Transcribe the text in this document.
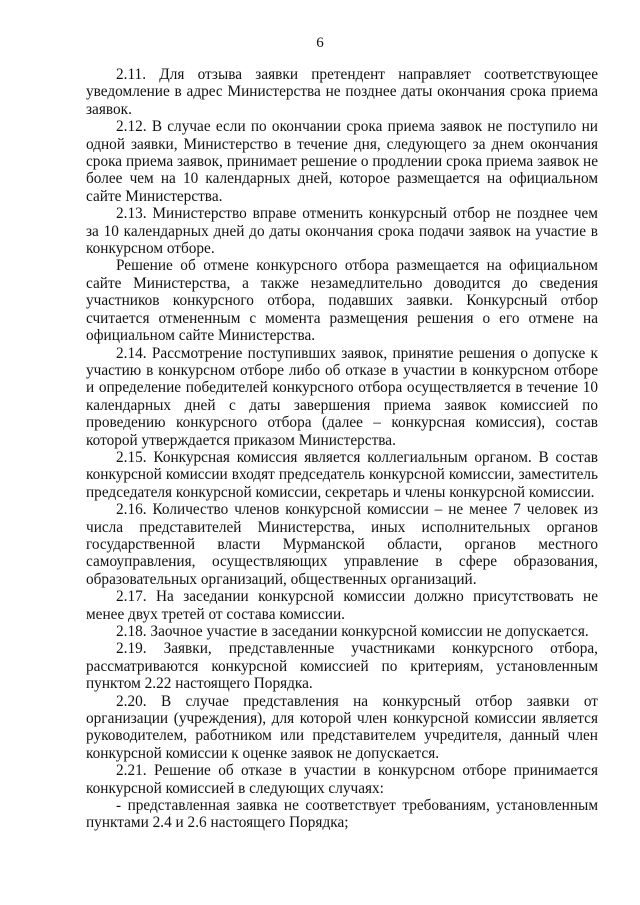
6

2.11. Для отзыва заявки претендент направляет соответствующее уведомление в адрес Министерства не позднее даты окончания срока приема заявок.

2.12. В случае если по окончании срока приема заявок не поступило ни одной заявки, Министерство в течение дня, следующего за днем окончания срока приема заявок, принимает решение о продлении срока приема заявок не более чем на 10 календарных дней, которое размещается на официальном сайте Министерства.

2.13. Министерство вправе отменить конкурсный отбор не позднее чем за 10 календарных дней до даты окончания срока подачи заявок на участие в конкурсном отборе.

Решение об отмене конкурсного отбора размещается на официальном сайте Министерства, а также незамедлительно доводится до сведения участников конкурсного отбора, подавших заявки. Конкурсный отбор считается отмененным с момента размещения решения о его отмене на официальном сайте Министерства.

2.14. Рассмотрение поступивших заявок, принятие решения о допуске к участию в конкурсном отборе либо об отказе в участии в конкурсном отборе и определение победителей конкурсного отбора осуществляется в течение 10 календарных дней с даты завершения приема заявок комиссией по проведению конкурсного отбора (далее – конкурсная комиссия), состав которой утверждается приказом Министерства.

2.15. Конкурсная комиссия является коллегиальным органом. В состав конкурсной комиссии входят председатель конкурсной комиссии, заместитель председателя конкурсной комиссии, секретарь и члены конкурсной комиссии.

2.16. Количество членов конкурсной комиссии – не менее 7 человек из числа представителей Министерства, иных исполнительных органов государственной власти Мурманской области, органов местного самоуправления, осуществляющих управление в сфере образования, образовательных организаций, общественных организаций.

2.17. На заседании конкурсной комиссии должно присутствовать не менее двух третей от состава комиссии.

2.18. Заочное участие в заседании конкурсной комиссии не допускается.

2.19. Заявки, представленные участниками конкурсного отбора, рассматриваются конкурсной комиссией по критериям, установленным пунктом 2.22 настоящего Порядка.

2.20. В случае представления на конкурсный отбор заявки от организации (учреждения), для которой член конкурсной комиссии является руководителем, работником или представителем учредителя, данный член конкурсной комиссии к оценке заявок не допускается.

2.21. Решение об отказе в участии в конкурсном отборе принимается конкурсной комиссией в следующих случаях:

- представленная заявка не соответствует требованиям, установленным пунктами 2.4 и 2.6 настоящего Порядка;
